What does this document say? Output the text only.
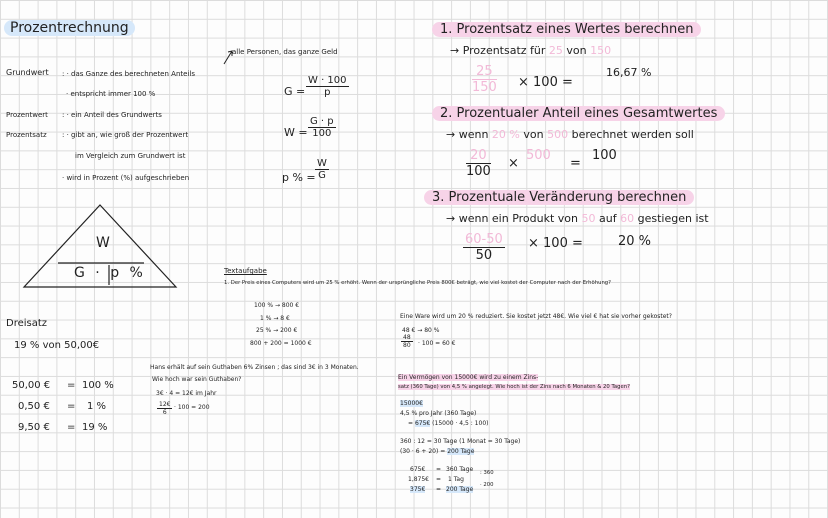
Prozentrechnung
alle Personen, das ganze Geld
Grundwert : · das Ganze des berechneten Anteils
· entspricht immer 100 %
Prozentwert : · ein Anteil des Grundwerts
Prozentsatz : · gibt an, wie groß der Prozentwert
im Vergleich zum Grundwert ist
· wird in Prozent (%) aufgeschrieben
$G = \frac{W \cdot 100}{p}$
$W = \frac{G \cdot p}{100}$
p % = $\frac{W}{G}$
W
G · p %
Dreisatz
19 % von 50,00€
50,00 € = 100 %
0,50 € = 1 %
9,50 € = 19 %
1. Prozentsatz eines Wertes berechnen
→ Prozentsatz für 25 von 150
$\frac{25}{150} \times 100$ =
16,67 %
2. Prozentualer Anteil eines Gesamtwertes
→ wenn 20 % von 500 berechnet werden soll
$\frac{20}{100}$ ×
500
=
100
3. Prozentuale Veränderung berechnen
→ wenn ein Produkt von 50 auf 60 gestiegen ist
$\frac{60-50}{50} \times 100$ =	20 %
Textaufgabe
1. Der Preis eines Computers wird um 25 % erhöht. Wenn der ursprüngliche Preis 800€ beträgt, wie viel kostet der Computer nach der Erhöhung?
100 % → 800 €
1 % → 8 €
25 % → 200 €
800 + 200 = 1000 €
Hans erhält auf sein Guthaben 6% Zinsen ; das sind 3€ in 3 Monaten.
Wie hoch war sein Guthaben?
3€ · 4 = 12€ im Jahr
$\frac{12€}{6} \cdot 100 = 200$
Eine Ware wird um 20 % reduziert. Sie kostet jetzt 48€. Wie viel € hat sie vorher gekostet?
48 € → 80 %
$\frac{48}{80} \cdot 100 = 60$ €
Ein Vermögen von 15000€ wird zu einem Zins-
satz (360 Tage) von 4,5 % angelegt. Wie hoch ist der Zins nach 6 Monaten & 20 Tagen?
15000€
4,5 % pro Jahr (360 Tage)
= 675€ (15000 · 4,5 : 100)
360 : 12 = 30 Tage (1 Monat = 30 Tage)
(30 · 6 + 20) = 200 Tage
675€ = 360 Tage
1,875€ = 1 Tag
375€ = 200 Tage
: 360
· 200
